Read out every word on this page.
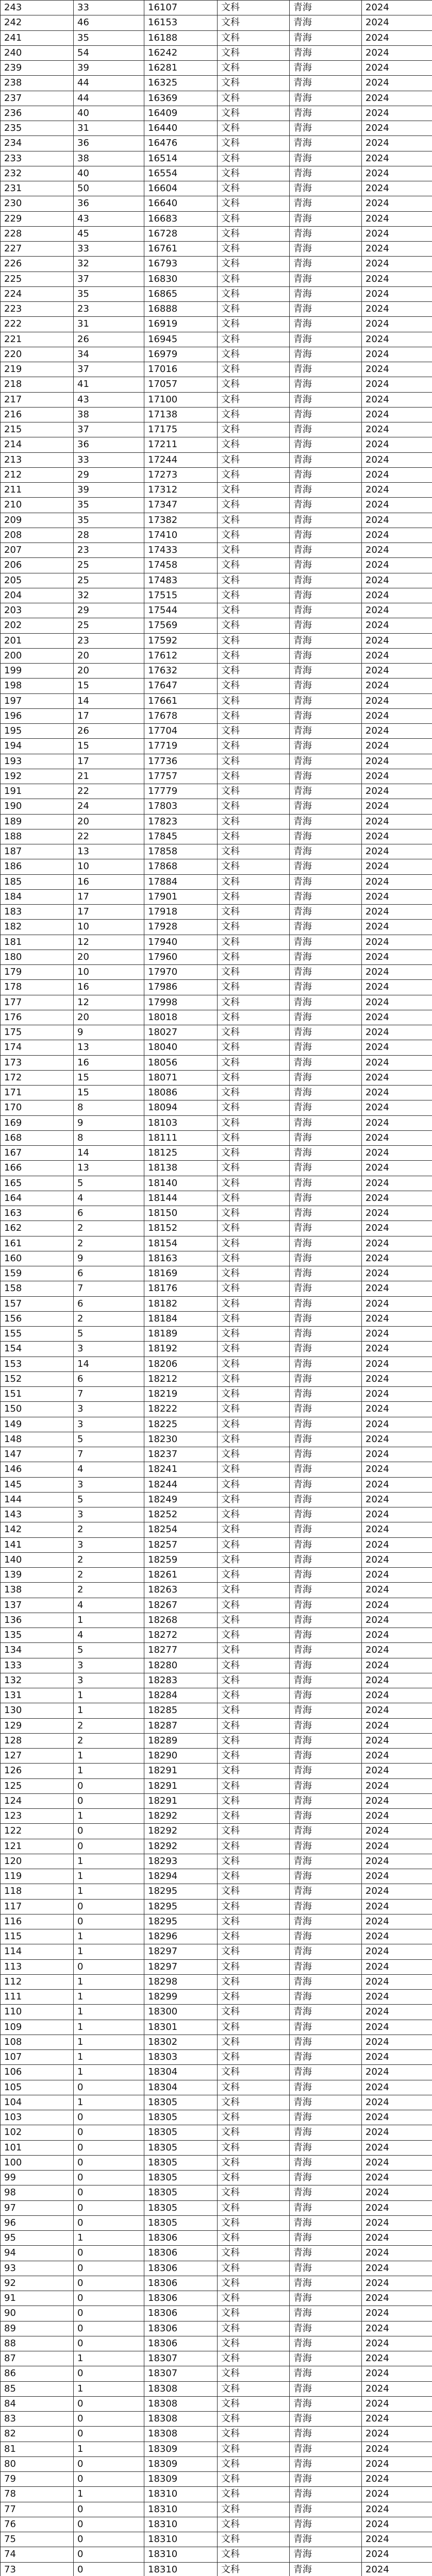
243	33	16107	文科	青海	2024
242	46	16153	文科	青海	2024
241	35	16188	文科	青海	2024
240	54	16242	文科	青海	2024
239	39	16281	文科	青海	2024
238	44	16325	文科	青海	2024
237	44	16369	文科	青海	2024
236	40	16409	文科	青海	2024
235	31	16440	文科	青海	2024
234	36	16476	文科	青海	2024
233	38	16514	文科	青海	2024
232	40	16554	文科	青海	2024
231	50	16604	文科	青海	2024
230	36	16640	文科	青海	2024
229	43	16683	文科	青海	2024
228	45	16728	文科	青海	2024
227	33	16761	文科	青海	2024
226	32	16793	文科	青海	2024
225	37	16830	文科	青海	2024
224	35	16865	文科	青海	2024
223	23	16888	文科	青海	2024
222	31	16919	文科	青海	2024
221	26	16945	文科	青海	2024
220	34	16979	文科	青海	2024
219	37	17016	文科	青海	2024
218	41	17057	文科	青海	2024
217	43	17100	文科	青海	2024
216	38	17138	文科	青海	2024
215	37	17175	文科	青海	2024
214	36	17211	文科	青海	2024
213	33	17244	文科	青海	2024
212	29	17273	文科	青海	2024
211	39	17312	文科	青海	2024
210	35	17347	文科	青海	2024
209	35	17382	文科	青海	2024
208	28	17410	文科	青海	2024
207	23	17433	文科	青海	2024
206	25	17458	文科	青海	2024
205	25	17483	文科	青海	2024
204	32	17515	文科	青海	2024
203	29	17544	文科	青海	2024
202	25	17569	文科	青海	2024
201	23	17592	文科	青海	2024
200	20	17612	文科	青海	2024
199	20	17632	文科	青海	2024
198	15	17647	文科	青海	2024
197	14	17661	文科	青海	2024
196	17	17678	文科	青海	2024
195	26	17704	文科	青海	2024
194	15	17719	文科	青海	2024
193	17	17736	文科	青海	2024
192	21	17757	文科	青海	2024
191	22	17779	文科	青海	2024
190	24	17803	文科	青海	2024
189	20	17823	文科	青海	2024
188	22	17845	文科	青海	2024
187	13	17858	文科	青海	2024
186	10	17868	文科	青海	2024
185	16	17884	文科	青海	2024
184	17	17901	文科	青海	2024
183	17	17918	文科	青海	2024
182	10	17928	文科	青海	2024
181	12	17940	文科	青海	2024
180	20	17960	文科	青海	2024
179	10	17970	文科	青海	2024
178	16	17986	文科	青海	2024
177	12	17998	文科	青海	2024
176	20	18018	文科	青海	2024
175	9	18027	文科	青海	2024
174	13	18040	文科	青海	2024
173	16	18056	文科	青海	2024
172	15	18071	文科	青海	2024
171	15	18086	文科	青海	2024
170	8	18094	文科	青海	2024
169	9	18103	文科	青海	2024
168	8	18111	文科	青海	2024
167	14	18125	文科	青海	2024
166	13	18138	文科	青海	2024
165	5	18140	文科	青海	2024
164	4	18144	文科	青海	2024
163	6	18150	文科	青海	2024
162	2	18152	文科	青海	2024
161	2	18154	文科	青海	2024
160	9	18163	文科	青海	2024
159	6	18169	文科	青海	2024
158	7	18176	文科	青海	2024
157	6	18182	文科	青海	2024
156	2	18184	文科	青海	2024
155	5	18189	文科	青海	2024
154	3	18192	文科	青海	2024
153	14	18206	文科	青海	2024
152	6	18212	文科	青海	2024
151	7	18219	文科	青海	2024
150	3	18222	文科	青海	2024
149	3	18225	文科	青海	2024
148	5	18230	文科	青海	2024
147	7	18237	文科	青海	2024
146	4	18241	文科	青海	2024
145	3	18244	文科	青海	2024
144	5	18249	文科	青海	2024
143	3	18252	文科	青海	2024
142	2	18254	文科	青海	2024
141	3	18257	文科	青海	2024
140	2	18259	文科	青海	2024
139	2	18261	文科	青海	2024
138	2	18263	文科	青海	2024
137	4	18267	文科	青海	2024
136	1	18268	文科	青海	2024
135	4	18272	文科	青海	2024
134	5	18277	文科	青海	2024
133	3	18280	文科	青海	2024
132	3	18283	文科	青海	2024
131	1	18284	文科	青海	2024
130	1	18285	文科	青海	2024
129	2	18287	文科	青海	2024
128	2	18289	文科	青海	2024
127	1	18290	文科	青海	2024
126	1	18291	文科	青海	2024
125	0	18291	文科	青海	2024
124	0	18291	文科	青海	2024
123	1	18292	文科	青海	2024
122	0	18292	文科	青海	2024
121	0	18292	文科	青海	2024
120	1	18293	文科	青海	2024
119	1	18294	文科	青海	2024
118	1	18295	文科	青海	2024
117	0	18295	文科	青海	2024
116	0	18295	文科	青海	2024
115	1	18296	文科	青海	2024
114	1	18297	文科	青海	2024
113	0	18297	文科	青海	2024
112	1	18298	文科	青海	2024
111	1	18299	文科	青海	2024
110	1	18300	文科	青海	2024
109	1	18301	文科	青海	2024
108	1	18302	文科	青海	2024
107	1	18303	文科	青海	2024
106	1	18304	文科	青海	2024
105	0	18304	文科	青海	2024
104	1	18305	文科	青海	2024
103	0	18305	文科	青海	2024
102	0	18305	文科	青海	2024
101	0	18305	文科	青海	2024
100	0	18305	文科	青海	2024
99	0	18305	文科	青海	2024
98	0	18305	文科	青海	2024
97	0	18305	文科	青海	2024
96	0	18305	文科	青海	2024
95	1	18306	文科	青海	2024
94	0	18306	文科	青海	2024
93	0	18306	文科	青海	2024
92	0	18306	文科	青海	2024
91	0	18306	文科	青海	2024
90	0	18306	文科	青海	2024
89	0	18306	文科	青海	2024
88	0	18306	文科	青海	2024
87	1	18307	文科	青海	2024
86	0	18307	文科	青海	2024
85	1	18308	文科	青海	2024
84	0	18308	文科	青海	2024
83	0	18308	文科	青海	2024
82	0	18308	文科	青海	2024
81	1	18309	文科	青海	2024
80	0	18309	文科	青海	2024
79	0	18309	文科	青海	2024
78	1	18310	文科	青海	2024
77	0	18310	文科	青海	2024
76	0	18310	文科	青海	2024
75	0	18310	文科	青海	2024
74	0	18310	文科	青海	2024
73	0	18310	文科	青海	2024
